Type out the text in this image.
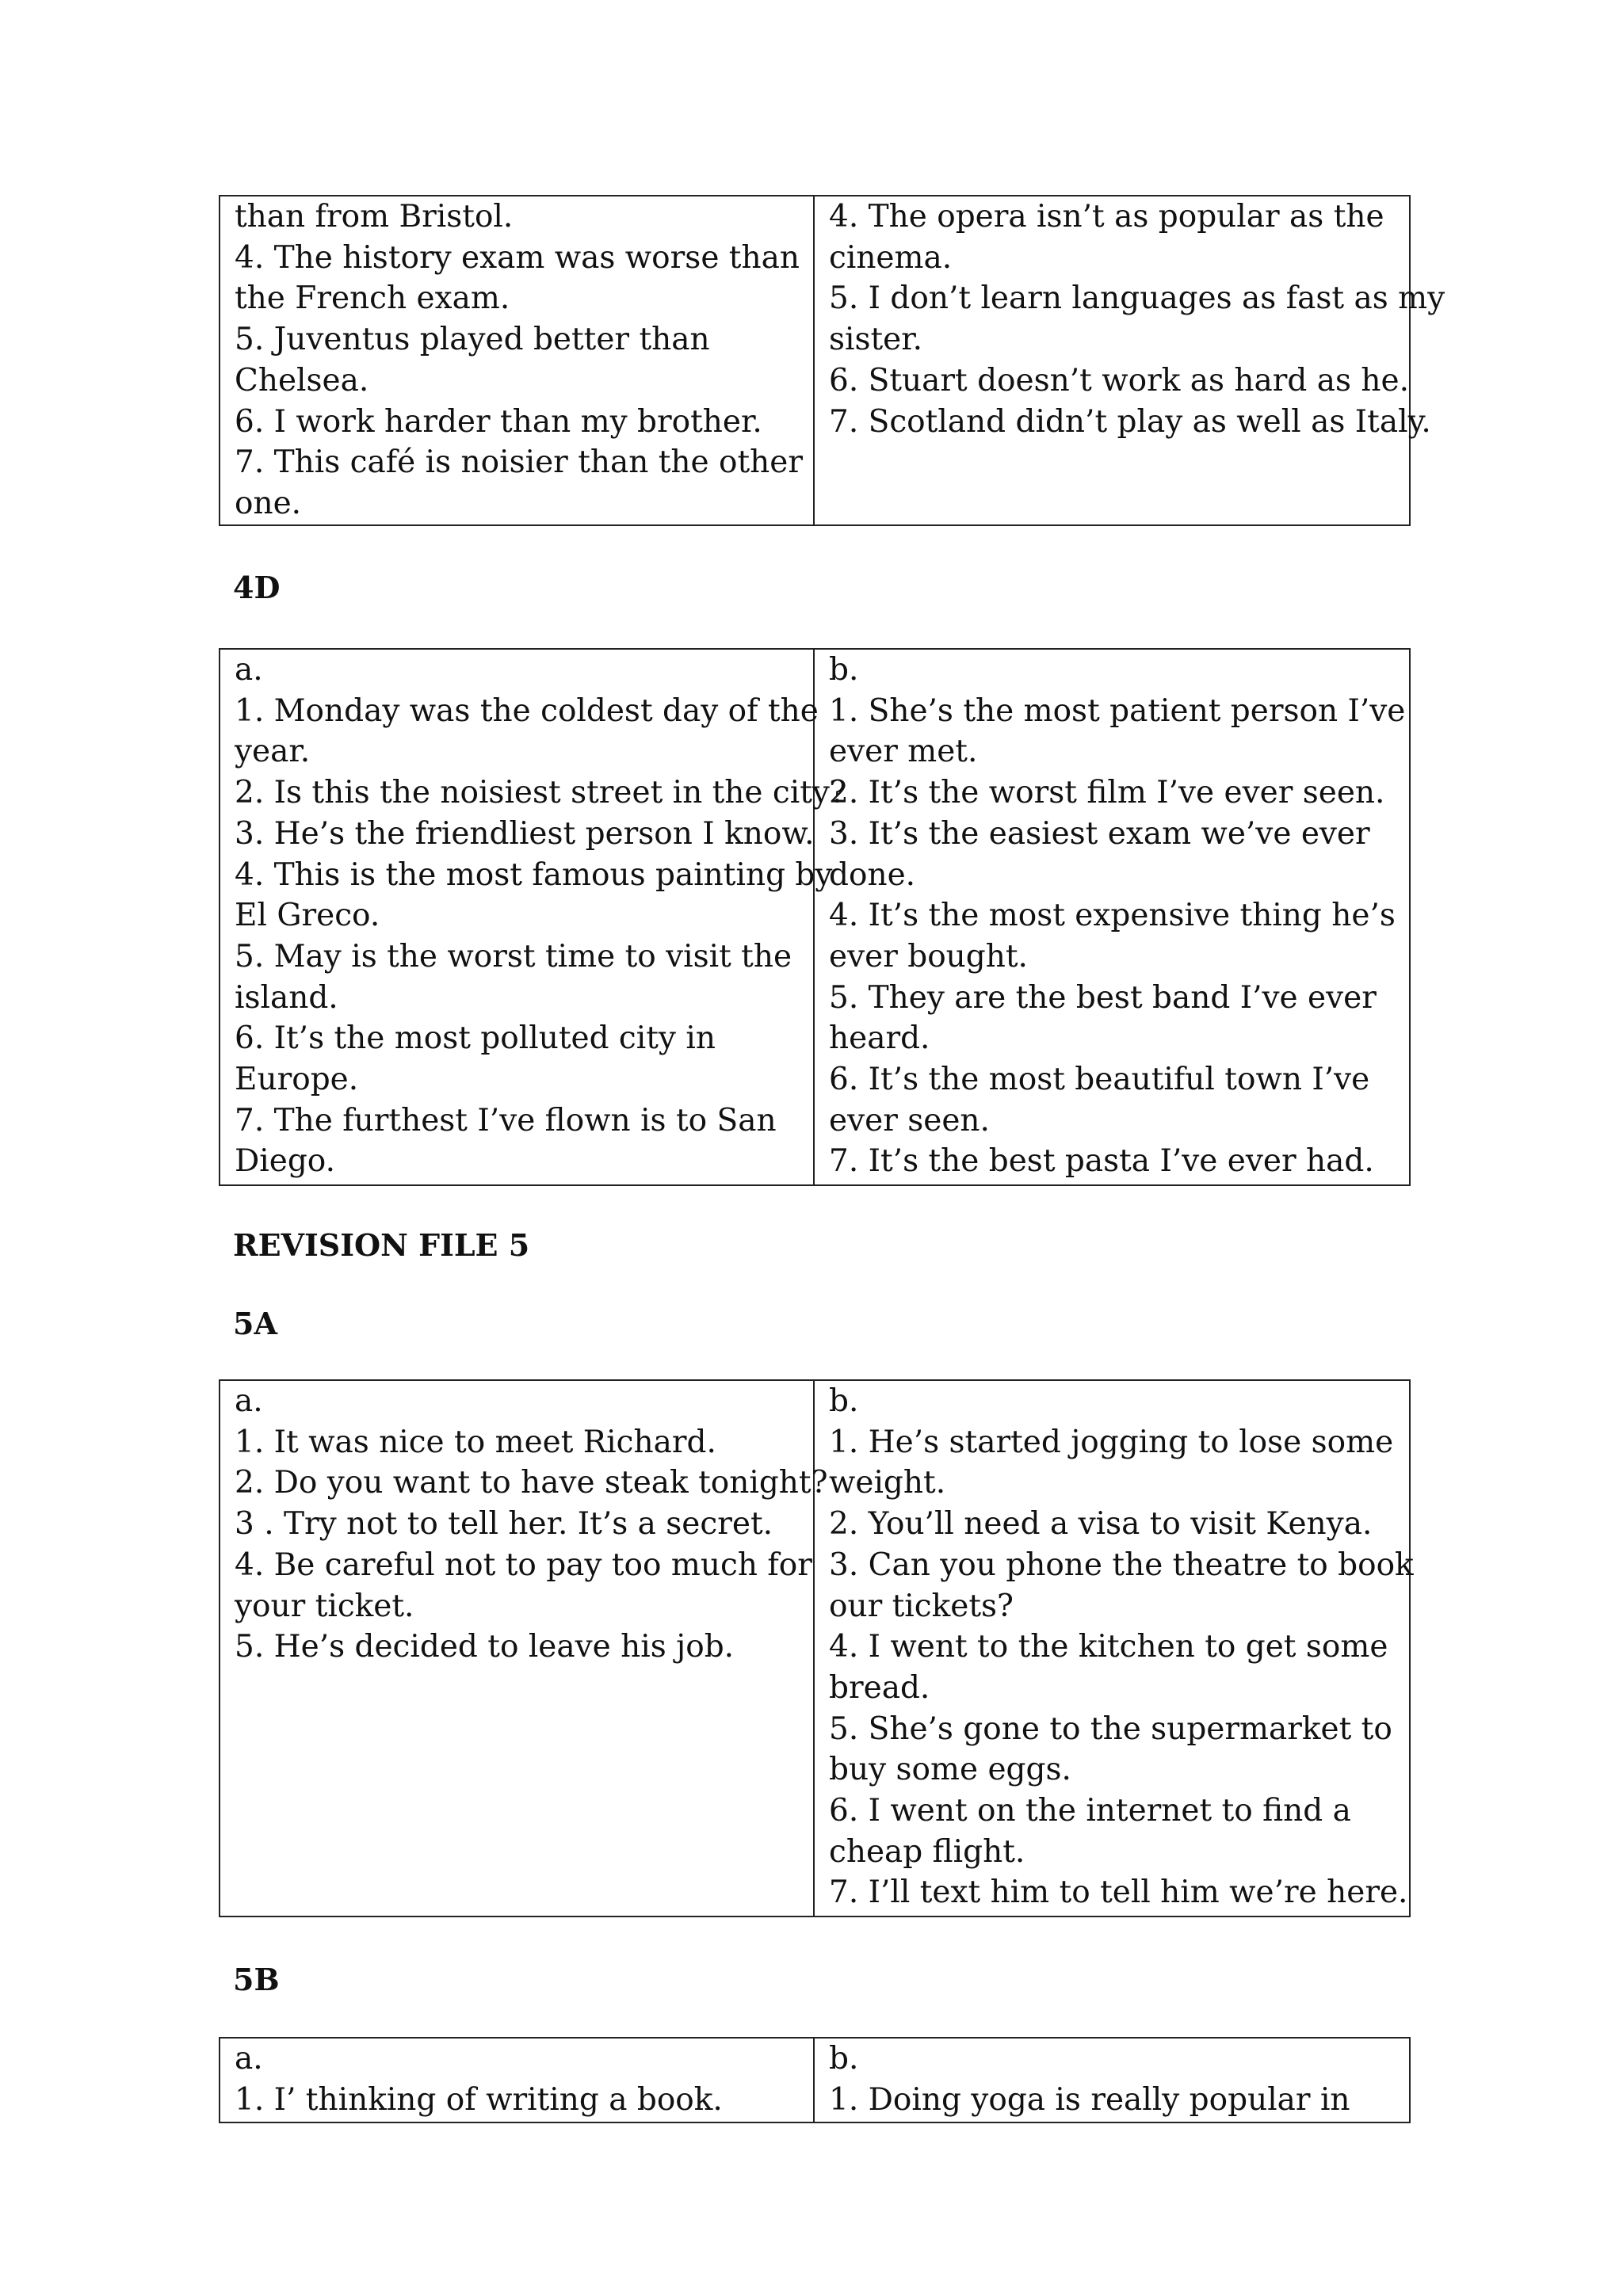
than from Bristol.
4. The history exam was worse than
the French exam.
5. Juventus played better than
Chelsea.
6. I work harder than my brother.
7. This café is noisier than the other
one.
4. The opera isn’t as popular as the
cinema.
5. I don’t learn languages as fast as my
sister.
6. Stuart doesn’t work as hard as he.
7. Scotland didn’t play as well as Italy.
4D
a.
1. Monday was the coldest day of the
year.
2. Is this the noisiest street in the city?
3. He’s the friendliest person I know.
4. This is the most famous painting by
El Greco.
5. May is the worst time to visit the
island.
6. It’s the most polluted city in
Europe.
7. The furthest I’ve flown is to San
Diego.
b.
1. She’s the most patient person I’ve
ever met.
2. It’s the worst film I’ve ever seen.
3. It’s the easiest exam we’ve ever
done.
4. It’s the most expensive thing he’s
ever bought.
5. They are the best band I’ve ever
heard.
6. It’s the most beautiful town I’ve
ever seen.
7. It’s the best pasta I’ve ever had.
REVISION FILE 5
5A
a.
1. It was nice to meet Richard.
2. Do you want to have steak tonight?
3 . Try not to tell her. It’s a secret.
4. Be careful not to pay too much for
your ticket.
5. He’s decided to leave his job.
b.
1. He’s started jogging to lose some
weight.
2. You’ll need a visa to visit Kenya.
3. Can you phone the theatre to book
our tickets?
4. I went to the kitchen to get some
bread.
5. She’s gone to the supermarket to
buy some eggs.
6. I went on the internet to find a
cheap flight.
7. I’ll text him to tell him we’re here.
5B
a.
1. I’ thinking of writing a book.
b.
1. Doing yoga is really popular in
